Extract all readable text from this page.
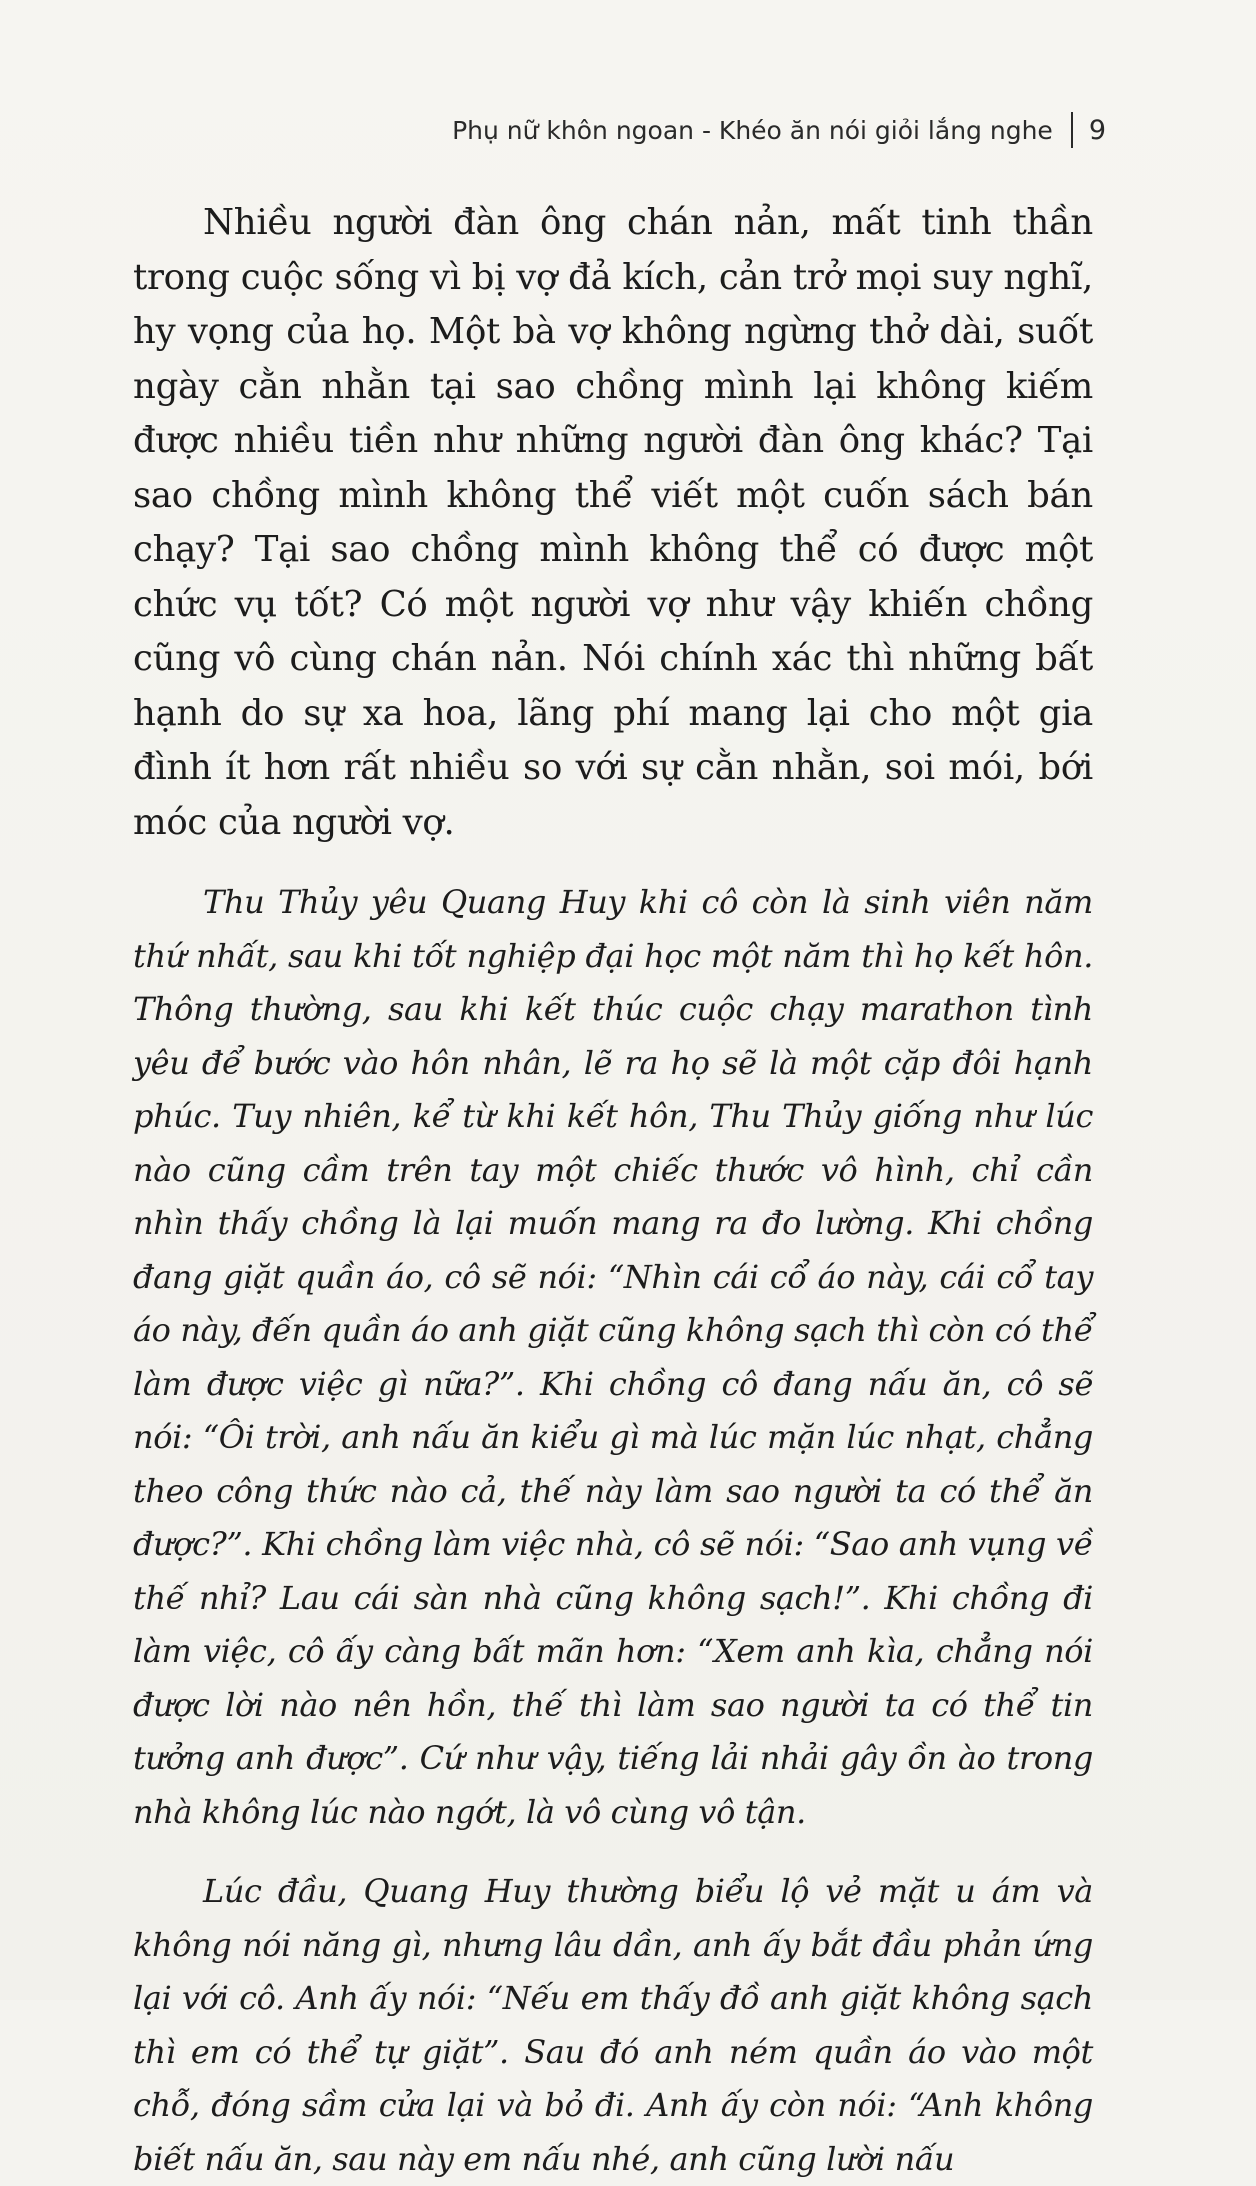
Phụ nữ khôn ngoan - Khéo ăn nói giỏi lắng nghe 9

Nhiều người đàn ông chán nản, mất tinh thần trong cuộc sống vì bị vợ đả kích, cản trở mọi suy nghĩ, hy vọng của họ. Một bà vợ không ngừng thở dài, suốt ngày cằn nhằn tại sao chồng mình lại không kiếm được nhiều tiền như những người đàn ông khác? Tại sao chồng mình không thể viết một cuốn sách bán chạy? Tại sao chồng mình không thể có được một chức vụ tốt? Có một người vợ như vậy khiến chồng cũng vô cùng chán nản. Nói chính xác thì những bất hạnh do sự xa hoa, lãng phí mang lại cho một gia đình ít hơn rất nhiều so với sự cằn nhằn, soi mói, bới móc của người vợ.

Thu Thủy yêu Quang Huy khi cô còn là sinh viên năm thứ nhất, sau khi tốt nghiệp đại học một năm thì họ kết hôn. Thông thường, sau khi kết thúc cuộc chạy marathon tình yêu để bước vào hôn nhân, lẽ ra họ sẽ là một cặp đôi hạnh phúc. Tuy nhiên, kể từ khi kết hôn, Thu Thủy giống như lúc nào cũng cầm trên tay một chiếc thước vô hình, chỉ cần nhìn thấy chồng là lại muốn mang ra đo lường. Khi chồng đang giặt quần áo, cô sẽ nói: “Nhìn cái cổ áo này, cái cổ tay áo này, đến quần áo anh giặt cũng không sạch thì còn có thể làm được việc gì nữa?”. Khi chồng cô đang nấu ăn, cô sẽ nói: “Ôi trời, anh nấu ăn kiểu gì mà lúc mặn lúc nhạt, chẳng theo công thức nào cả, thế này làm sao người ta có thể ăn được?”. Khi chồng làm việc nhà, cô sẽ nói: “Sao anh vụng về thế nhỉ? Lau cái sàn nhà cũng không sạch!”. Khi chồng đi làm việc, cô ấy càng bất mãn hơn: “Xem anh kìa, chẳng nói được lời nào nên hồn, thế thì làm sao người ta có thể tin tưởng anh được”. Cứ như vậy, tiếng lải nhải gây ồn ào trong nhà không lúc nào ngớt, là vô cùng vô tận.

Lúc đầu, Quang Huy thường biểu lộ vẻ mặt u ám và không nói năng gì, nhưng lâu dần, anh ấy bắt đầu phản ứng lại với cô. Anh ấy nói: “Nếu em thấy đồ anh giặt không sạch thì em có thể tự giặt”. Sau đó anh ném quần áo vào một chỗ, đóng sầm cửa lại và bỏ đi. Anh ấy còn nói: “Anh không biết nấu ăn, sau này em nấu nhé, anh cũng lười nấu
